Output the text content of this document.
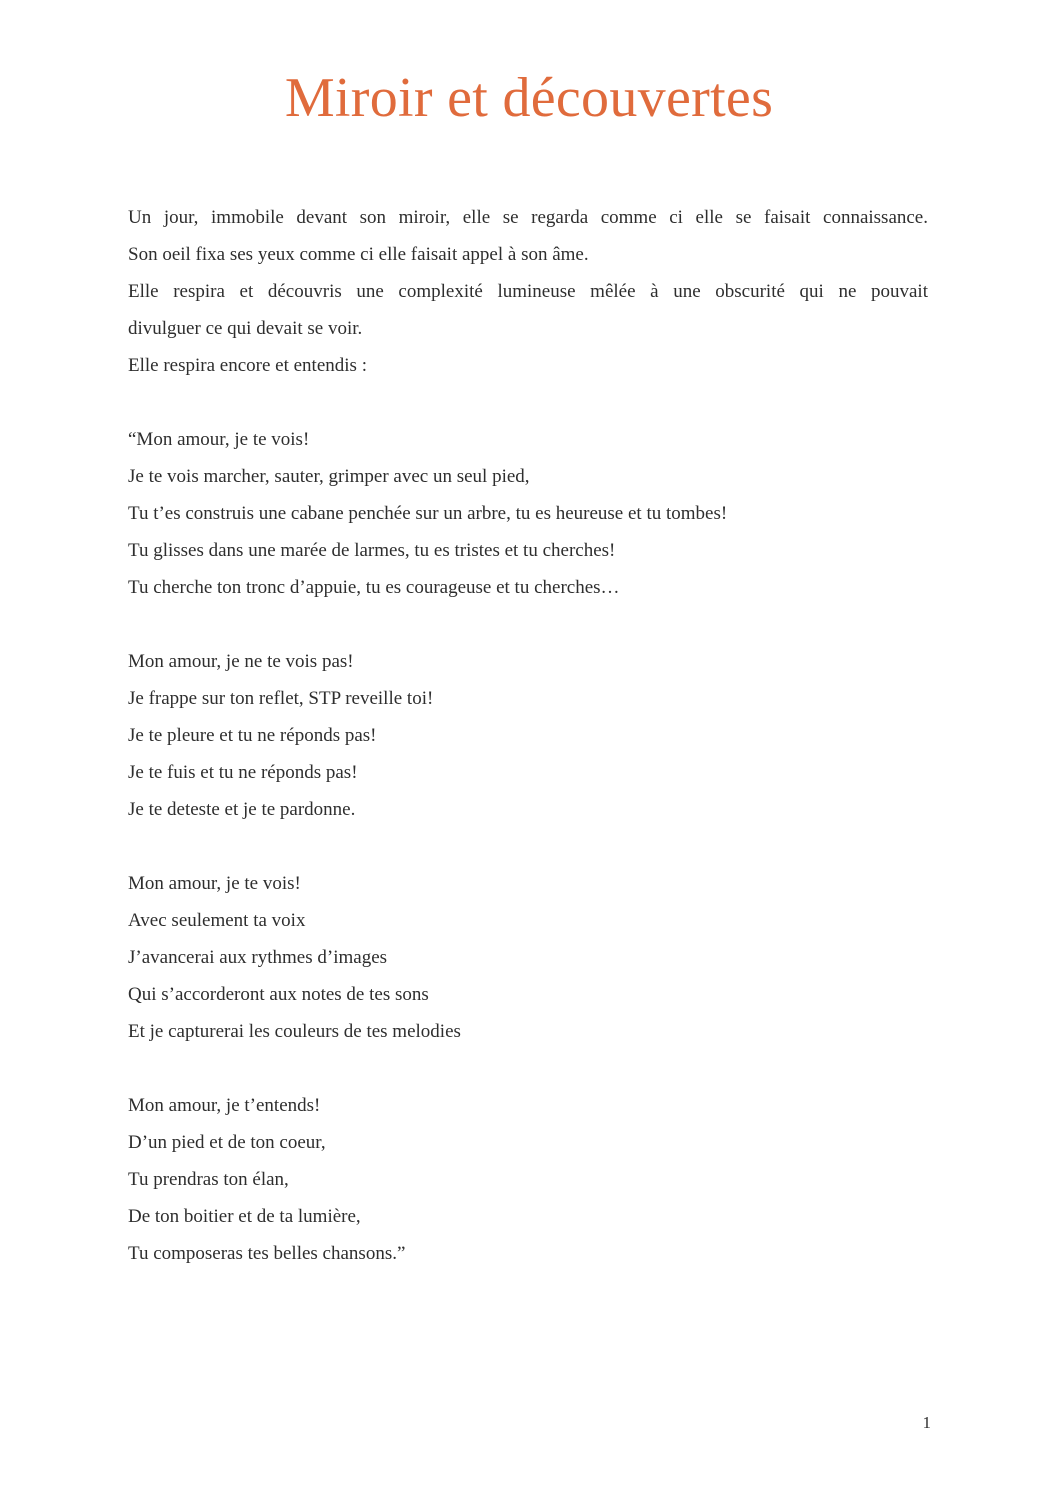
Miroir et découvertes

Un jour, immobile devant son miroir, elle se regarda comme ci elle se faisait connaissance.
Son oeil fixa ses yeux comme ci elle faisait appel à son âme.
Elle respira et découvris une complexité lumineuse mêlée à une obscurité qui ne pouvait
divulguer ce qui devait se voir.
Elle respira encore et entendis :

“Mon amour, je te vois!
Je te vois marcher, sauter, grimper avec un seul pied,
Tu t’es construis une cabane penchée sur un arbre, tu es heureuse et tu tombes!
Tu glisses dans une marée de larmes, tu es tristes et tu cherches!
Tu cherche ton tronc d’appuie, tu es courageuse et tu cherches…

Mon amour, je ne te vois pas!
Je frappe sur ton reflet, STP reveille toi!
Je te pleure et tu ne réponds pas!
Je te fuis et tu ne réponds pas!
Je te deteste et je te pardonne.

Mon amour, je te vois!
Avec seulement ta voix
J’avancerai aux rythmes d’images
Qui s’accorderont aux notes de tes sons
Et je capturerai les couleurs de tes melodies

Mon amour, je t’entends!
D’un pied et de ton coeur,
Tu prendras ton élan,
De ton boitier et de ta lumière,
Tu composeras tes belles chansons.”

1
